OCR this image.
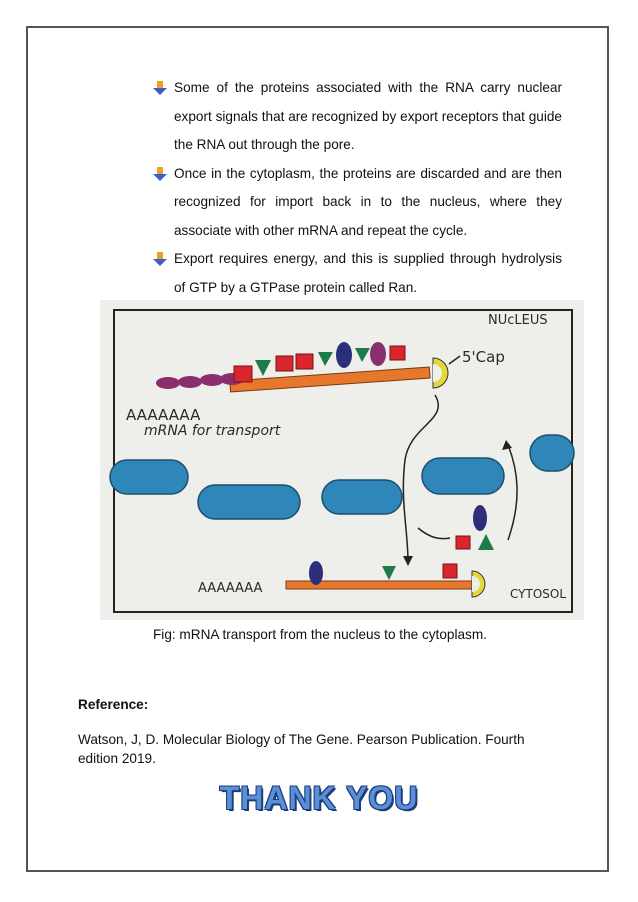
Some of the proteins associated with the RNA carry nuclear export signals that are recognized by export receptors that guide the RNA out through the pore.

Once in the cytoplasm, the proteins are discarded and are then recognized for import back in to the nucleus, where they associate with other mRNA and repeat the cycle.

Export requires energy, and this is supplied through hydrolysis of GTP by a GTPase protein called Ran.

NUcLEUS
5'Cap
AAAAAAA
mRNA for transport
AAAAAAA	CYTOSOL
Fig: mRNA transport from the nucleus to the cytoplasm.
Reference:
Watson, J, D. Molecular Biology of The Gene. Pearson Publication. Fourth edition 2019.
THANK YOU
